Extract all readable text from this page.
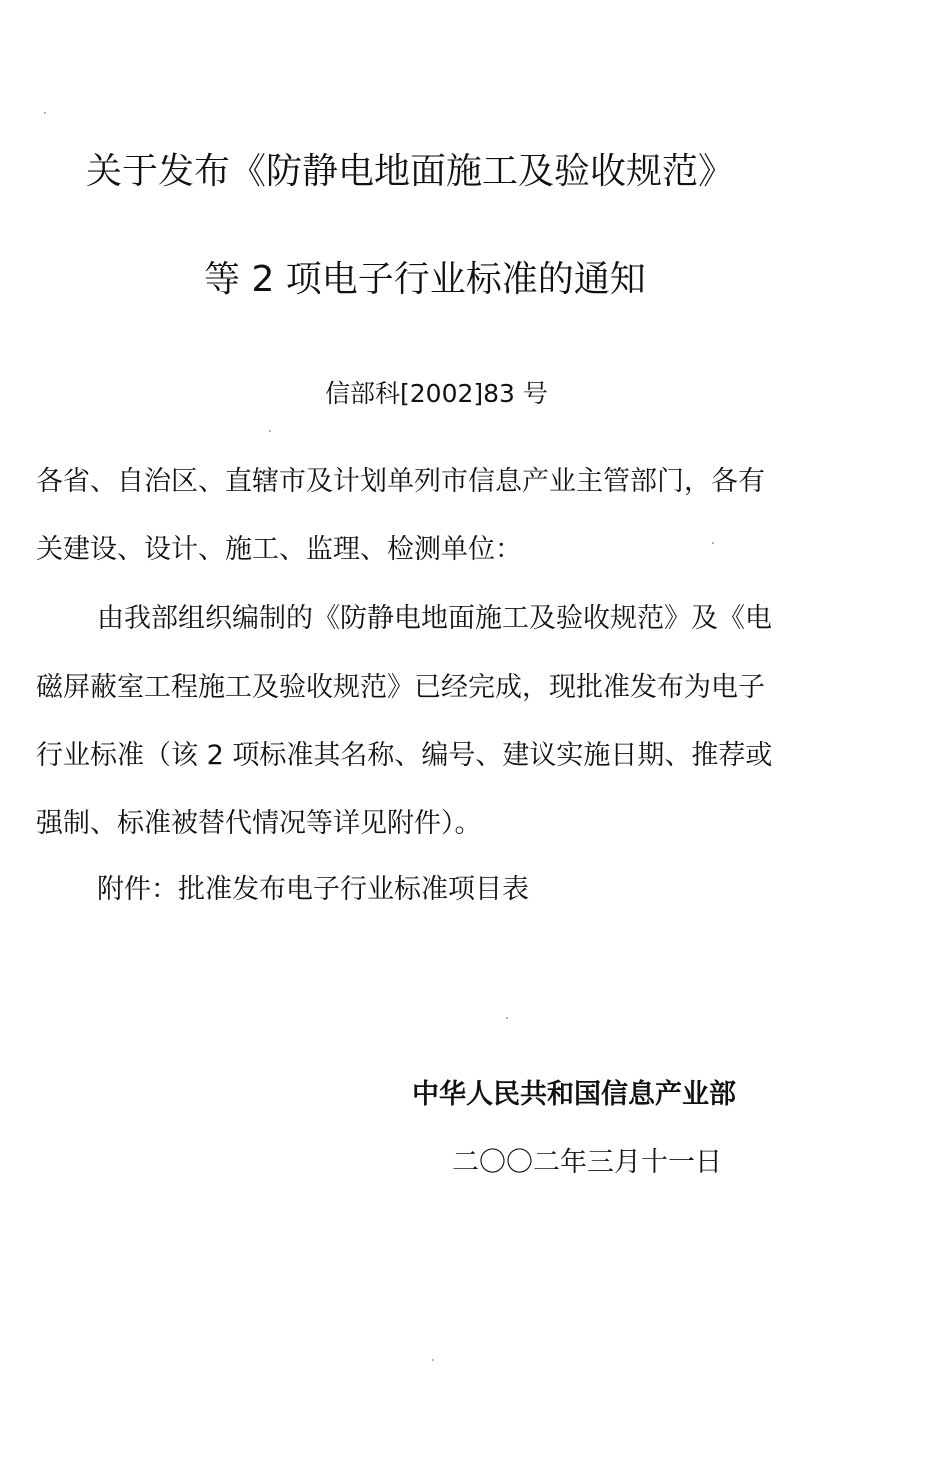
关于发布《防静电地面施工及验收规范》
等 2 项电子行业标准的通知
信部科[2002]83 号
各省、自治区、直辖市及计划单列市信息产业主管部门，各有
关建设、设计、施工、监理、检测单位：
由我部组织编制的《防静电地面施工及验收规范》及《电
磁屏蔽室工程施工及验收规范》已经完成，现批准发布为电子
行业标准（该 2 项标准其名称、编号、建议实施日期、推荐或
强制、标准被替代情况等详见附件）。
附件：批准发布电子行业标准项目表
中华人民共和国信息产业部
二〇〇二年三月十一日
